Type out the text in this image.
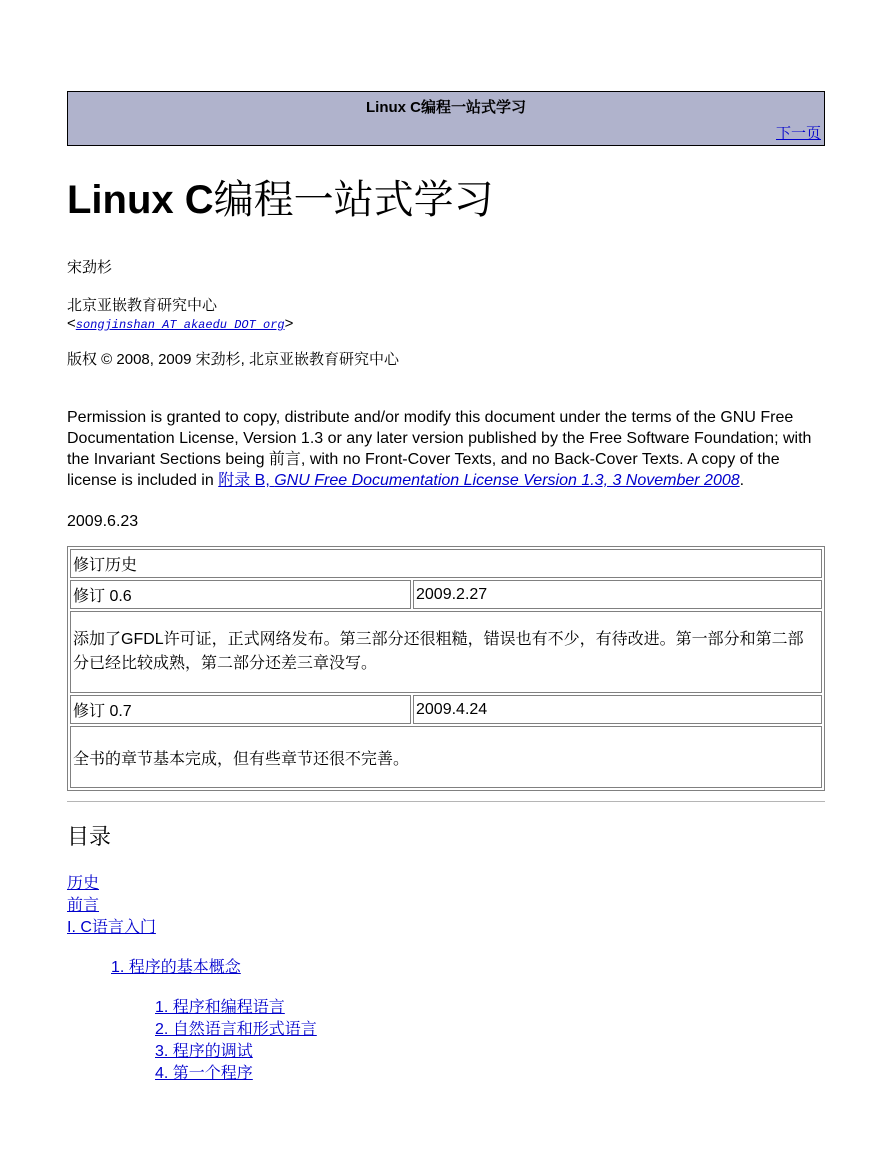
Linux C编程一站式学习
下一页
Linux C编程一站式学习
宋劲杉
北京亚嵌教育研究中心
<songjinshan AT akaedu DOT org>
版权 © 2008, 2009 宋劲杉, 北京亚嵌教育研究中心
Permission is granted to copy, distribute and/or modify this document under the terms of the GNU Free Documentation License, Version 1.3 or any later version published by the Free Software Foundation; with the Invariant Sections being 前言, with no Front-Cover Texts, and no Back-Cover Texts. A copy of the license is included in 附录 B, GNU Free Documentation License Version 1.3, 3 November 2008.
2009.6.23
修订历史	
修订 0.6	2009.2.27
添加了GFDL许可证，正式网络发布。第三部分还很粗糙，错误也有不少，有待改进。第一部分和第二部分已经比较成熟，第二部分还差三章没写。	
修订 0.7	2009.4.24
全书的章节基本完成，但有些章节还很不完善。	
目录
历史
前言
I. C语言入门
1. 程序的基本概念
1. 程序和编程语言
2. 自然语言和形式语言
3. 程序的调试
4. 第一个程序
